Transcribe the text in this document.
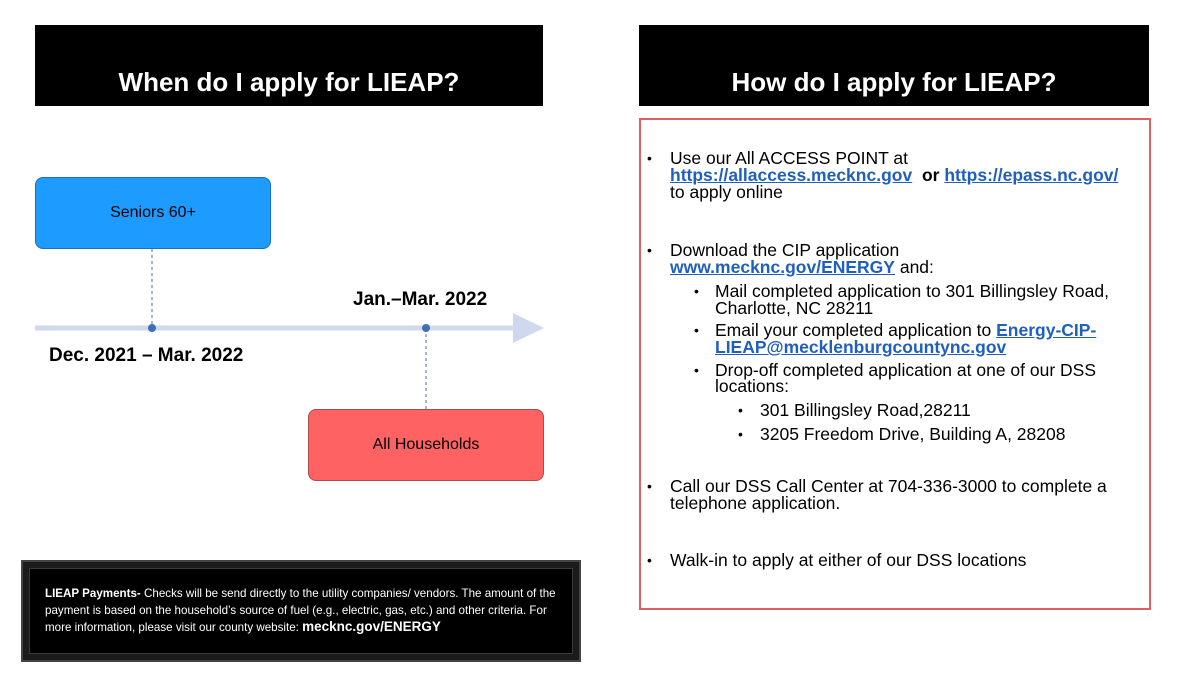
When do I apply for LIEAP?
Seniors 60+
All Households
Dec. 2021 – Mar. 2022
Jan.–Mar. 2022
LIEAP Payments- Checks will be send directly to the utility companies/ vendors. The amount of the payment is based on the household’s source of fuel (e.g., electric, gas, etc.) and other criteria. For more information, please visit our county website: mecknc.gov/ENERGY
How do I apply for LIEAP?
• Use our All ACCESS POINT at
https://allaccess.mecknc.gov or https://epass.nc.gov/
to apply online
• Download the CIP application
www.mecknc.gov/ENERGY and:
• Mail completed application to 301 Billingsley Road,
Charlotte, NC 28211
• Email your completed application to Energy-CIP-
LIEAP@mecklenburgcountync.gov
• Drop-off completed application at one of our DSS
locations:
• 301 Billingsley Road,28211
• 3205 Freedom Drive, Building A, 28208
• Call our DSS Call Center at 704-336-3000 to complete a
telephone application.
• Walk-in to apply at either of our DSS locations
